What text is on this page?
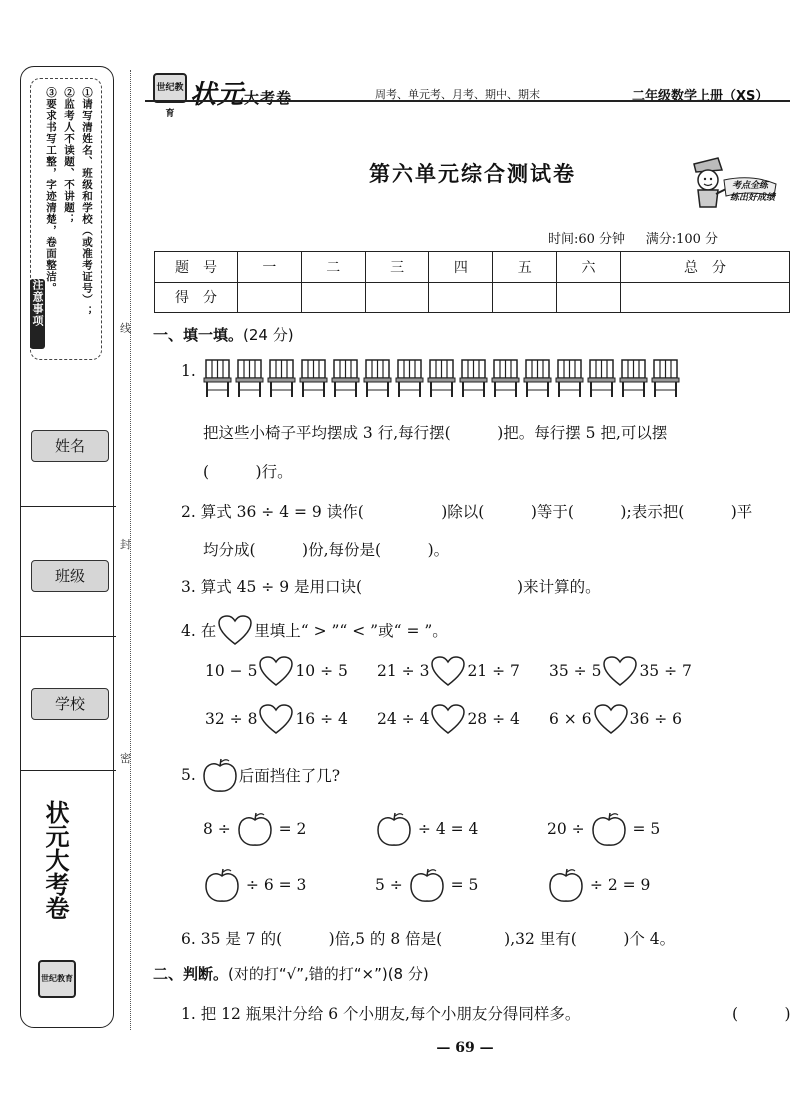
①请写清姓名、班级和学校（或准考证号）；
②监考人不读题、不讲题；
③要求书写工整，字迹清楚，卷面整洁。
注意事项
姓名
班级
学校
状元大考卷
世纪教育
线
封
密
世纪教育
状元大考卷	周考、单元考、月考、期中、期末	二年级数学上册（XS）
第六单元综合测试卷	考点全练
练出好成绩
时间:60 分钟 满分:100 分
题　号	一	二	三	四	五	六	总　分
得　分							
一、填一填。(24 分)
1.
把这些小椅子平均摆成 3 行,每行摆(　　　)把。每行摆 5 把,可以摆
(　　　)行。
2. 算式 36 ÷ 4 = 9 读作(　　　　　)除以(　　　)等于(　　　);表示把(　　　)平
均分成(　　　)份,每份是(　　　)。
3. 算式 45 ÷ 9 是用口诀(　　　　　　　　　　)来计算的。
4. 在 里填上“ > ”“ < ”或“ = ”。
10 − 5 10 ÷ 5 21 ÷ 3 21 ÷ 7 35 ÷ 5 35 ÷ 7
32 ÷ 8 16 ÷ 4 24 ÷ 4 28 ÷ 4 6 × 6 36 ÷ 6
5.
	后面挡住了几?
8 ÷ = 2	÷ 4 = 4	20 ÷ = 5
÷ 6 = 3	5 ÷ = 5	÷ 2 = 9
6. 35 是 7 的(　　　)倍,5 的 8 倍是(　　　　),32 里有(　　　)个 4。
二、判断。(对的打“√”,错的打“×”)(8 分)
1. 把 12 瓶果汁分给 6 个小朋友,每个小朋友分得同样多。	(　　　)
— 69 —
